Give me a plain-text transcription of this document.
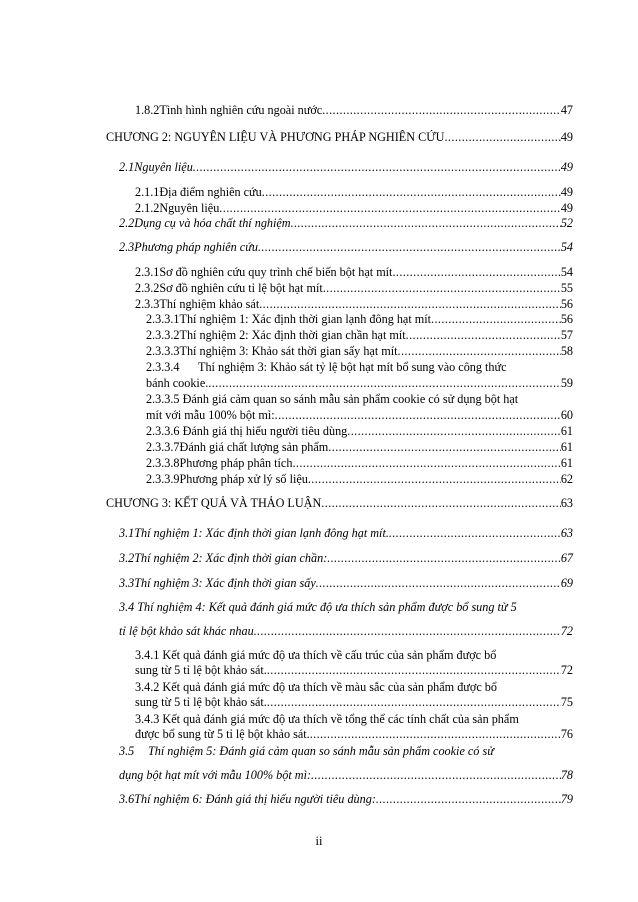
1.8.2 Tình hình nghiên cứu ngoài nước .....	47
CHƯƠNG 2: NGUYÊN LIỆU VÀ PHƯƠNG PHÁP NGHIÊN CỨU .....	49
2.1 Nguyên liệu .....	49
2.1.1 Địa điểm nghiên cứu .....	49
2.1.2 Nguyên liệu .....	49
2.2 Dụng cụ và hóa chất thí nghiệm .....	52
2.3 Phương pháp nghiên cứu .....	54
2.3.1 Sơ đồ nghiên cứu quy trình chế biến bột hạt mít .....	54
2.3.2 Sơ đồ nghiên cứu tỉ lệ bột hạt mít .....	55
2.3.3 Thí nghiệm khảo sát .....	56
2.3.3.1 Thí nghiệm 1: Xác định thời gian lạnh đông hạt mít .....	56
2.3.3.2 Thí nghiệm 2: Xác định thời gian chần hạt mít .....	57
2.3.3.3 Thí nghiệm 3: Khảo sát thời gian sấy hạt mít .....	58
2.3.3.4 Thí nghiệm 3: Khảo sát tỷ lệ bột hạt mít bổ sung vào công thức
bánh cookie. .....	59
2.3.3.5 Đánh giá cảm quan so sánh mẫu sản phẩm cookie có sử dụng bột hạt
mít với mẫu 100% bột mì: .....	60
2.3.3.6 Đánh giá thị hiếu người tiêu dùng .....	61
2.3.3.7 Đánh giá chất lượng sản phẩm .....	61
2.3.3.8 Phương pháp phân tích .....	61
2.3.3.9 Phương pháp xử lý số liệu .....	62
CHƯƠNG 3: KẾT QUẢ VÀ THẢO LUẬN .....	63
3.1 Thí nghiệm 1: Xác định thời gian lạnh đông hạt mít. .....	63
3.2 Thí nghiệm 2: Xác định thời gian chần: .....	67
3.3 Thí nghiệm 3: Xác định thời gian sấy .....	69
3.4 Thí nghiệm 4: Kết quả đánh giá mức độ ưa thích sản phẩm được bổ sung từ 5
tỉ lệ bột khảo sát khác nhau .....	72
3.4.1 Kết quả đánh giá mức độ ưa thích về cấu trúc của sản phẩm được bổ
sung từ 5 tỉ lệ bột khảo sát. .....	72
3.4.2 Kết quả đánh giá mức độ ưa thích về màu sắc của sản phẩm được bổ
sung từ 5 tỉ lệ bột khảo sát. .....	75
3.4.3 Kết quả đánh giá mức độ ưa thích về tổng thể các tính chất của sản phẩm
được bổ sung từ 5 tỉ lệ bột khảo sát. .....	76
3.5 Thí nghiệm 5: Đánh giá cảm quan so sánh mẫu sản phẩm cookie có sử
dụng bột hạt mít với mẫu 100% bột mì: .....	78
3.6 Thí nghiệm 6: Đánh giá thị hiếu người tiêu dùng: .....	79
ii
